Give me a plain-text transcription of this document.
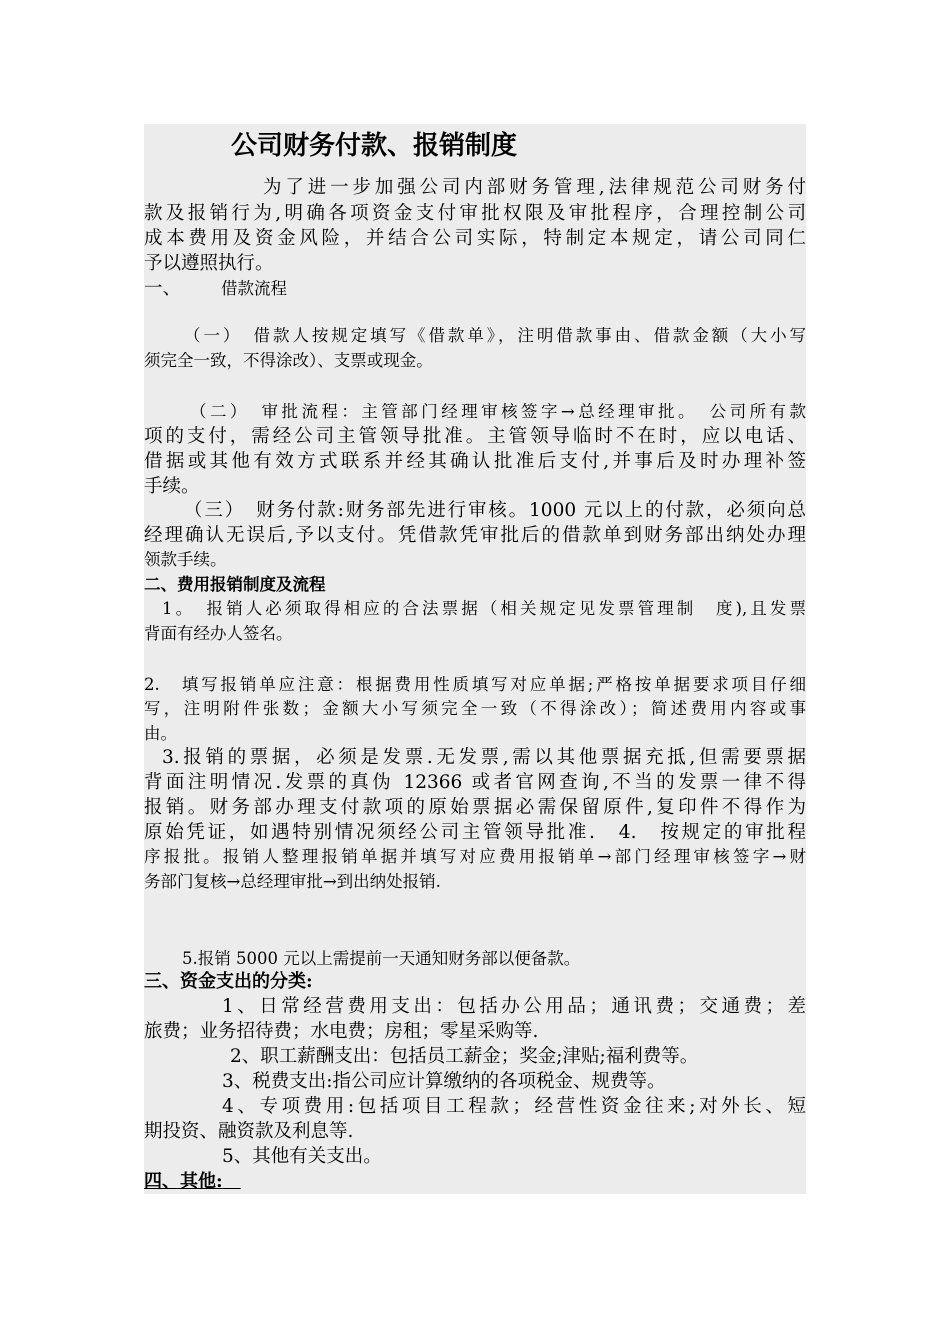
公司财务付款、报销制度
为了进一步加强公司内部财务管理,法律规范公司财务付
款及报销行为,明确各项资金支付审批权限及审批程序，合理控制公司
成本费用及资金风险，并结合公司实际，特制定本规定，请公司同仁
予以遵照执行。
一、 借款流程
（一）　借款人按规定填写《借款单》，注明借款事由、借款金额（大小写
须完全一致，不得涂改）、支票或现金。
（二）　审批流程：主管部门经理审核签字→总经理审批。　公司所有款
项的支付，需经公司主管领导批准。主管领导临时不在时，应以电话、
借据或其他有效方式联系并经其确认批准后支付,并事后及时办理补签
手续。
（三）　财务付款:财务部先进行审核。1000 元以上的付款，必须向总
经理确认无误后,予以支付。凭借款凭审批后的借款单到财务部出纳处办理
领款手续。
二、费用报销制度及流程
1。　报销人必须取得相应的合法票据（相关规定见发票管理制　度),且发票
背面有经办人签名。
2.　填写报销单应注意：根据费用性质填写对应单据;严格按单据要求项目仔细
写，注明附件张数；金额大小写须完全一致（不得涂改）；简述费用内容或事
由。
3.报销的票据，必须是发票.无发票,需以其他票据充抵,但需要票据
背面注明情况.发票的真伪 12366 或者官网查询,不当的发票一律不得
报销。财务部办理支付款项的原始票据必需保留原件,复印件不得作为
原始凭证，如遇特别情况须经公司主管领导批准.　4.　按规定的审批程
序报批。报销人整理报销单据并填写对应费用报销单→部门经理审核签字→财
务部门复核→总经理审批→到出纳处报销.
5.报销 5000 元以上需提前一天通知财务部以便备款。
三、资金支出的分类:
1、日常经营费用支出：包括办公用品；通讯费；交通费；差
旅费；业务招待费；水电费；房租；零星采购等.
2、职工薪酬支出：包括员工薪金；奖金;津贴;福利费等。
3、税费支出:指公司应计算缴纳的各项税金、规费等。
4、专项费用:包括项目工程款；经营性资金往来;对外长、短
期投资、融资款及利息等.
5、其他有关支出。
四、其他:　
